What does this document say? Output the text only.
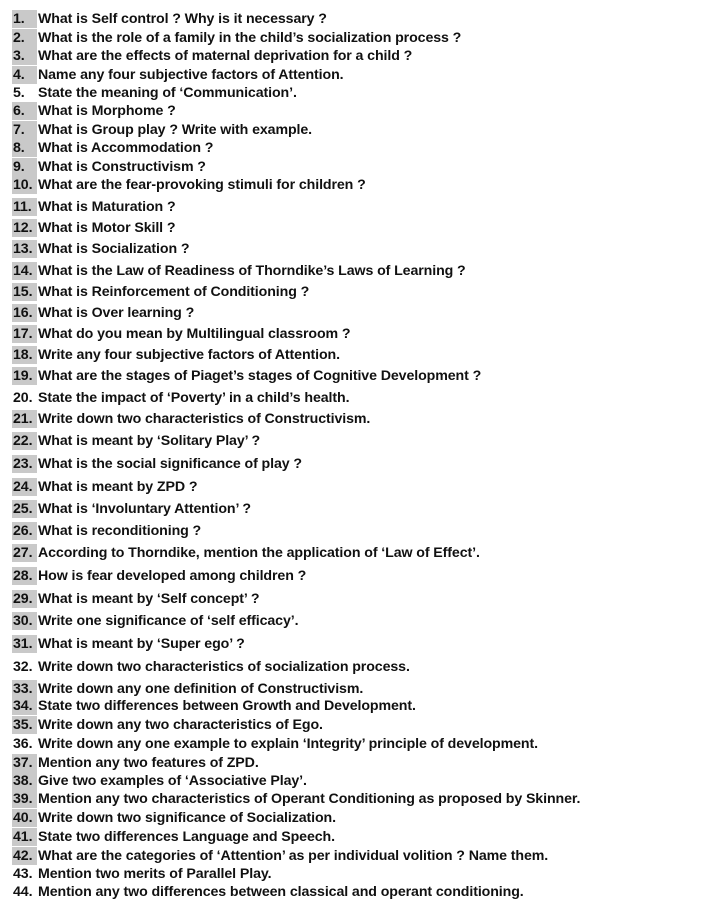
1. What is Self control ? Why is it necessary ?
2. What is the role of a family in the child’s socialization process ?
3. What are the effects of maternal deprivation for a child ?
4. Name any four subjective factors of Attention.
5. State the meaning of ‘Communication’.
6. What is Morphome ?
7. What is Group play ? Write with example.
8. What is Accommodation ?
9. What is Constructivism ?
10. What are the fear-provoking stimuli for children ?
11. What is Maturation ?
12. What is Motor Skill ?
13. What is Socialization ?
14. What is the Law of Readiness of Thorndike’s Laws of Learning ?
15. What is Reinforcement of Conditioning ?
16. What is Over learning ?
17. What do you mean by Multilingual classroom ?
18. Write any four subjective factors of Attention.
19. What are the stages of Piaget’s stages of Cognitive Development ?
20. State the impact of ‘Poverty’ in a child’s health.
21. Write down two characteristics of Constructivism.
22. What is meant by ‘Solitary Play’ ?
23. What is the social significance of play ?
24. What is meant by ZPD ?
25. What is ‘Involuntary Attention’ ?
26. What is reconditioning ?
27. According to Thorndike, mention the application of ‘Law of Effect’.
28. How is fear developed among children ?
29. What is meant by ‘Self concept’ ?
30. Write one significance of ‘self efficacy’.
31. What is meant by ‘Super ego’ ?
32. Write down two characteristics of socialization process.
33. Write down any one definition of Constructivism.
34. State two differences between Growth and Development.
35. Write down any two characteristics of Ego.
36. Write down any one example to explain ‘Integrity’ principle of development.
37. Mention any two features of ZPD.
38. Give two examples of ‘Associative Play’.
39. Mention any two characteristics of Operant Conditioning as proposed by Skinner.
40. Write down two significance of Socialization.
41. State two differences Language and Speech.
42. What are the categories of ‘Attention’ as per individual volition ? Name them.
43. Mention two merits of Parallel Play.
44. Mention any two differences between classical and operant conditioning.
